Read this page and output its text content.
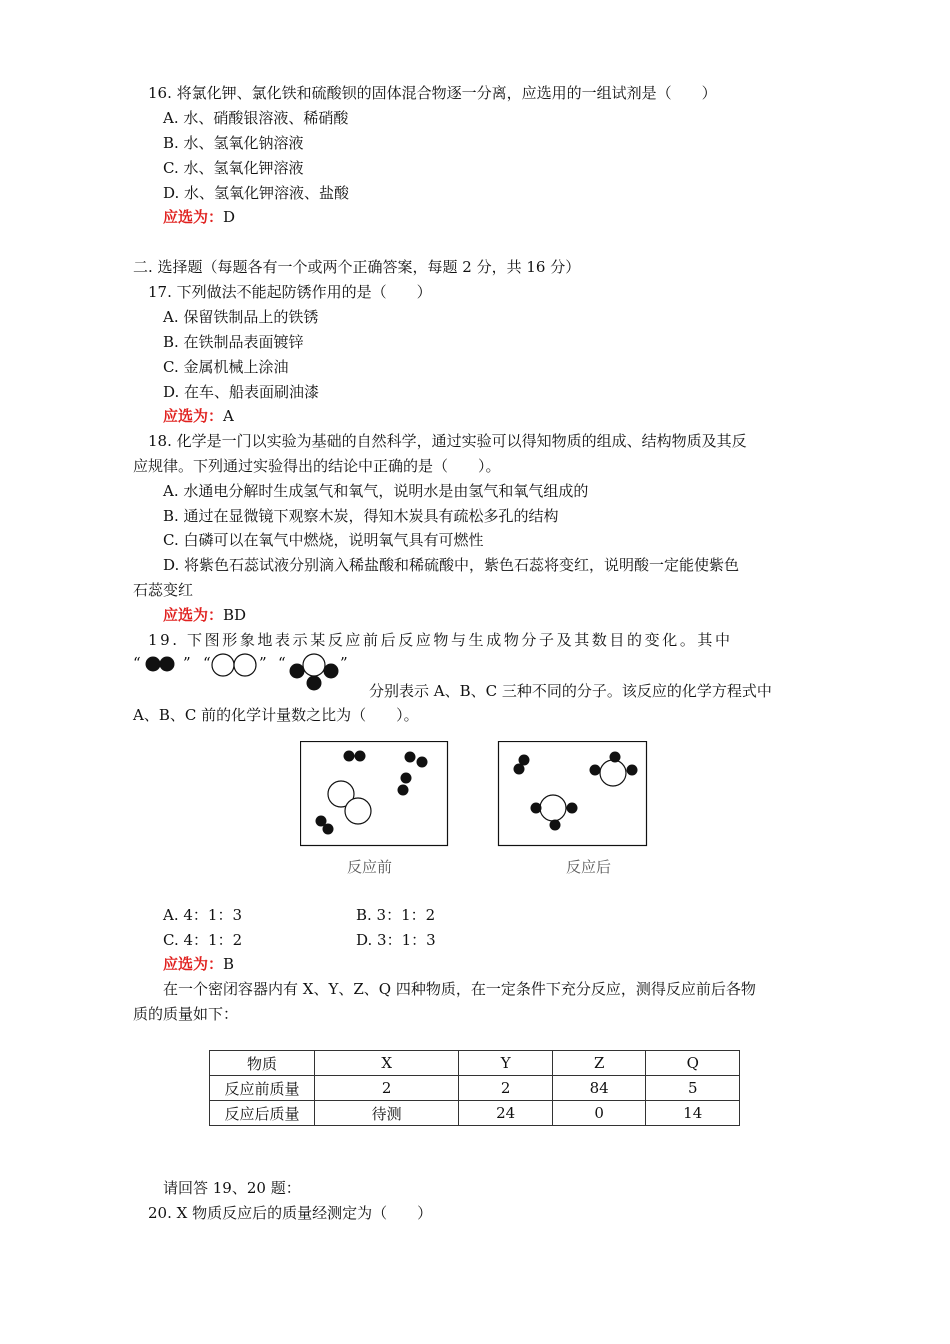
16. 将氯化钾、氯化铁和硫酸钡的固体混合物逐一分离，应选用的一组试剂是（　　）
A. 水、硝酸银溶液、稀硝酸
B. 水、氢氧化钠溶液
C. 水、氢氧化钾溶液
D. 水、氢氧化钾溶液、盐酸
应选为：D
二. 选择题（每题各有一个或两个正确答案，每题 2 分，共 16 分）
17. 下列做法不能起防锈作用的是（　　）
A. 保留铁制品上的铁锈
B. 在铁制品表面镀锌
C. 金属机械上涂油
D. 在车、船表面刷油漆
应选为：A
18. 化学是一门以实验为基础的自然科学，通过实验可以得知物质的组成、结构物质及其反
应规律。下列通过实验得出的结论中正确的是（　　）。
A. 水通电分解时生成氢气和氧气，说明水是由氢气和氧气组成的
B. 通过在显微镜下观察木炭，得知木炭具有疏松多孔的结构
C. 白磷可以在氧气中燃烧，说明氧气具有可燃性
D. 将紫色石蕊试液分别滴入稀盐酸和稀硫酸中，紫色石蕊将变红，说明酸一定能使紫色
石蕊变红
应选为：BD
19. 下图形象地表示某反应前后反应物与生成物分子及其数目的变化。其中
“	” “	” “	”
分别表示 A、B、C 三种不同的分子。该反应的化学方程式中
A、B、C 前的化学计量数之比为（　　）。
反应前	反应后
A. 4：1：3	B. 3：1：2
C. 4：1：2	D. 3：1：3
应选为：B
在一个密闭容器内有 X、Y、Z、Q 四种物质，在一定条件下充分反应，测得反应前后各物
质的质量如下：
物质	X	Y	Z	Q
反应前质量	2	2	84	5
反应后质量	待测	24	0	14
请回答 19、20 题：
20. X 物质反应后的质量经测定为（　　）
